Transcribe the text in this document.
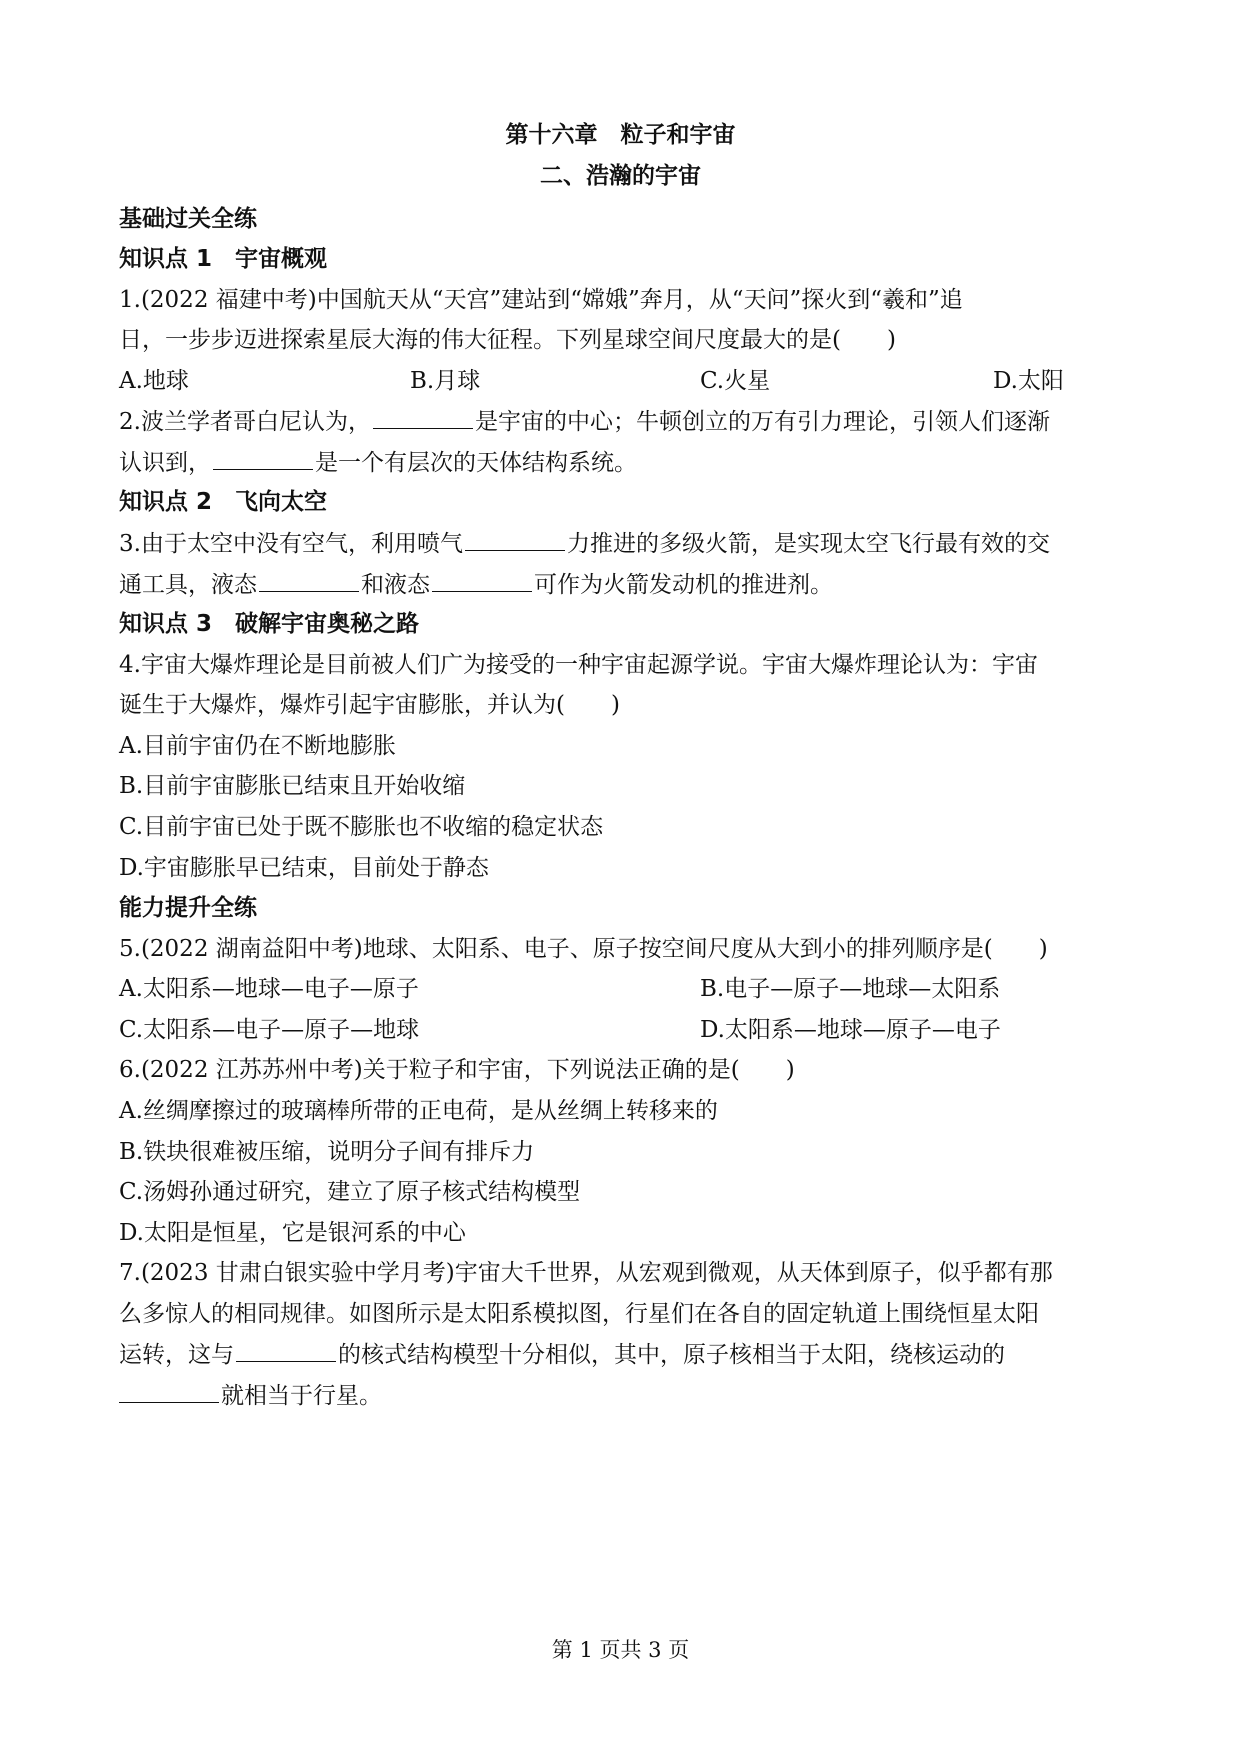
第十六章　粒子和宇宙
二、浩瀚的宇宙
基础过关全练
知识点 1　宇宙概观
1.(2022 福建中考)中国航天从“天宫”建站到“嫦娥”奔月，从“天问”探火到“羲和”追
日，一步步迈进探索星辰大海的伟大征程。下列星球空间尺度最大的是( )
A.地球	B.月球	C.火星	D.太阳
2.波兰学者哥白尼认为，	是宇宙的中心；牛顿创立的万有引力理论，引领人们逐渐
认识到，	是一个有层次的天体结构系统。
知识点 2　飞向太空
3.由于太空中没有空气，利用喷气	力推进的多级火箭，是实现太空飞行最有效的交
通工具，液态	和液态	可作为火箭发动机的推进剂。
知识点 3　破解宇宙奥秘之路
4.宇宙大爆炸理论是目前被人们广为接受的一种宇宙起源学说。宇宙大爆炸理论认为：宇宙
诞生于大爆炸，爆炸引起宇宙膨胀，并认为( )
A.目前宇宙仍在不断地膨胀
B.目前宇宙膨胀已结束且开始收缩
C.目前宇宙已处于既不膨胀也不收缩的稳定状态
D.宇宙膨胀早已结束，目前处于静态
能力提升全练
5.(2022 湖南益阳中考)地球、太阳系、电子、原子按空间尺度从大到小的排列顺序是( )
A.太阳系—地球—电子—原子	B.电子—原子—地球—太阳系
C.太阳系—电子—原子—地球	D.太阳系—地球—原子—电子
6.(2022 江苏苏州中考)关于粒子和宇宙，下列说法正确的是( )
A.丝绸摩擦过的玻璃棒所带的正电荷，是从丝绸上转移来的
B.铁块很难被压缩，说明分子间有排斥力
C.汤姆孙通过研究，建立了原子核式结构模型
D.太阳是恒星，它是银河系的中心
7.(2023 甘肃白银实验中学月考)宇宙大千世界，从宏观到微观，从天体到原子，似乎都有那
么多惊人的相同规律。如图所示是太阳系模拟图，行星们在各自的固定轨道上围绕恒星太阳
运转，这与	的核式结构模型十分相似，其中，原子核相当于太阳，绕核运动的
就相当于行星。
第 1 页共 3 页
